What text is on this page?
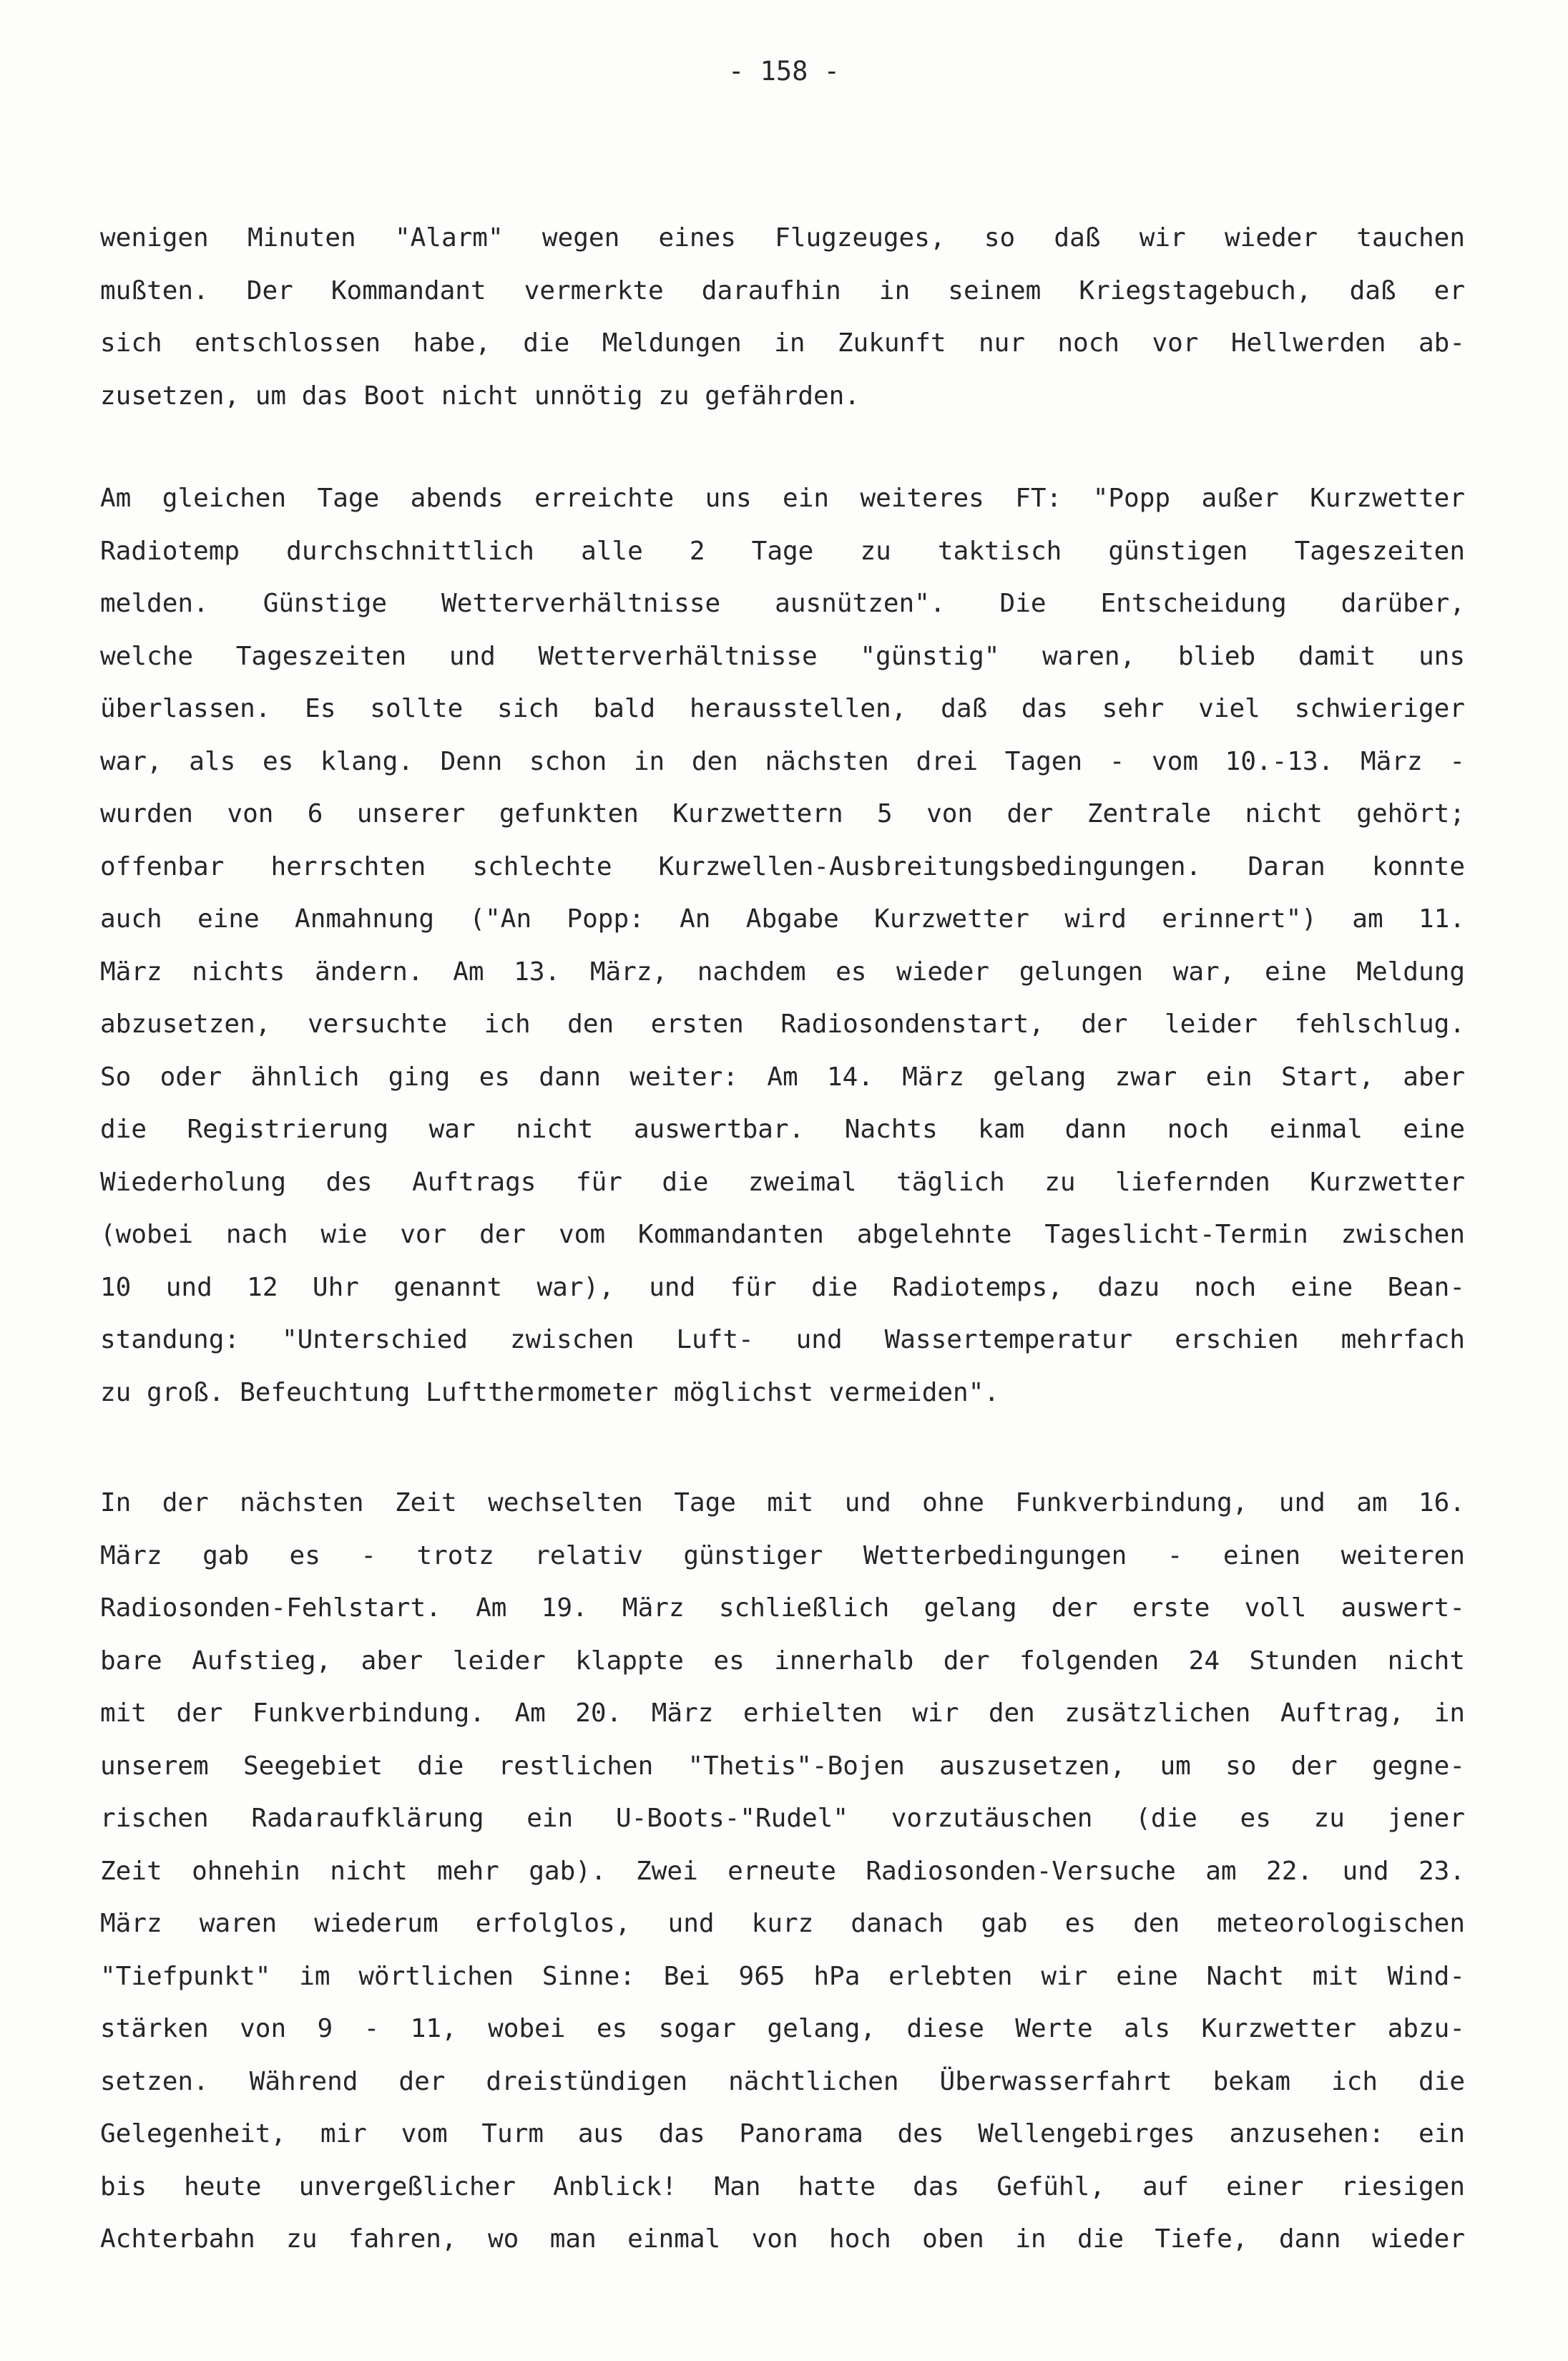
- 158 -
wenigen Minuten "Alarm" wegen eines Flugzeuges, so daß wir wieder tauchen
mußten. Der Kommandant vermerkte daraufhin in seinem Kriegstagebuch, daß er
sich entschlossen habe, die Meldungen in Zukunft nur noch vor Hellwerden ab-
zusetzen, um das Boot nicht unnötig zu gefährden.
Am gleichen Tage abends erreichte uns ein weiteres FT: "Popp außer Kurzwetter
Radiotemp durchschnittlich alle 2 Tage zu taktisch günstigen Tageszeiten
melden. Günstige Wetterverhältnisse ausnützen". Die Entscheidung darüber,
welche Tageszeiten und Wetterverhältnisse "günstig" waren, blieb damit uns
überlassen. Es sollte sich bald herausstellen, daß das sehr viel schwieriger
war, als es klang. Denn schon in den nächsten drei Tagen - vom 10.-13. März -
wurden von 6 unserer gefunkten Kurzwettern 5 von der Zentrale nicht gehört;
offenbar herrschten schlechte Kurzwellen-Ausbreitungsbedingungen. Daran konnte
auch eine Anmahnung ("An Popp: An Abgabe Kurzwetter wird erinnert") am 11.
März nichts ändern. Am 13. März, nachdem es wieder gelungen war, eine Meldung
abzusetzen, versuchte ich den ersten Radiosondenstart, der leider fehlschlug.
So oder ähnlich ging es dann weiter: Am 14. März gelang zwar ein Start, aber
die Registrierung war nicht auswertbar. Nachts kam dann noch einmal eine
Wiederholung des Auftrags für die zweimal täglich zu liefernden Kurzwetter
(wobei nach wie vor der vom Kommandanten abgelehnte Tageslicht-Termin zwischen
10 und 12 Uhr genannt war), und für die Radiotemps, dazu noch eine Bean-
standung: "Unterschied zwischen Luft- und Wassertemperatur erschien mehrfach
zu groß. Befeuchtung Luftthermometer möglichst vermeiden".
In der nächsten Zeit wechselten Tage mit und ohne Funkverbindung, und am 16.
März gab es - trotz relativ günstiger Wetterbedingungen - einen weiteren
Radiosonden-Fehlstart. Am 19. März schließlich gelang der erste voll auswert-
bare Aufstieg, aber leider klappte es innerhalb der folgenden 24 Stunden nicht
mit der Funkverbindung. Am 20. März erhielten wir den zusätzlichen Auftrag, in
unserem Seegebiet die restlichen "Thetis"-Bojen auszusetzen, um so der gegne-
rischen Radaraufklärung ein U-Boots-"Rudel" vorzutäuschen (die es zu jener
Zeit ohnehin nicht mehr gab). Zwei erneute Radiosonden-Versuche am 22. und 23.
März waren wiederum erfolglos, und kurz danach gab es den meteorologischen
"Tiefpunkt" im wörtlichen Sinne: Bei 965 hPa erlebten wir eine Nacht mit Wind-
stärken von 9 - 11, wobei es sogar gelang, diese Werte als Kurzwetter abzu-
setzen. Während der dreistündigen nächtlichen Überwasserfahrt bekam ich die
Gelegenheit, mir vom Turm aus das Panorama des Wellengebirges anzusehen: ein
bis heute unvergeßlicher Anblick! Man hatte das Gefühl, auf einer riesigen
Achterbahn zu fahren, wo man einmal von hoch oben in die Tiefe, dann wieder
